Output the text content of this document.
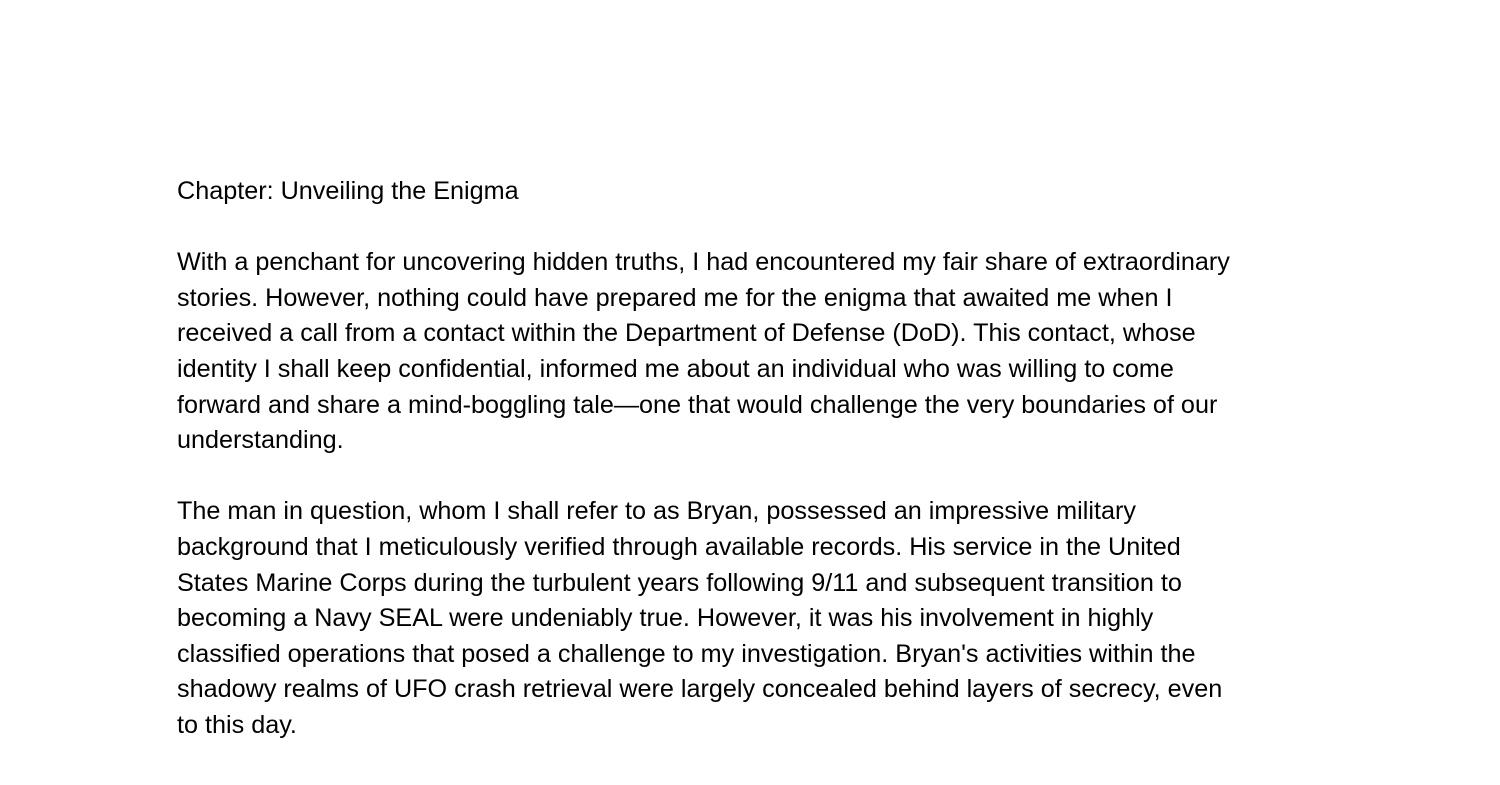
Chapter: Unveiling the Enigma

With a penchant for uncovering hidden truths, I had encountered my fair share of extraordinary
stories. However, nothing could have prepared me for the enigma that awaited me when I
received a call from a contact within the Department of Defense (DoD). This contact, whose
identity I shall keep confidential, informed me about an individual who was willing to come
forward and share a mind-boggling tale—one that would challenge the very boundaries of our
understanding.

The man in question, whom I shall refer to as Bryan, possessed an impressive military
background that I meticulously verified through available records. His service in the United
States Marine Corps during the turbulent years following 9/11 and subsequent transition to
becoming a Navy SEAL were undeniably true. However, it was his involvement in highly
classified operations that posed a challenge to my investigation. Bryan's activities within the
shadowy realms of UFO crash retrieval were largely concealed behind layers of secrecy, even
to this day.
